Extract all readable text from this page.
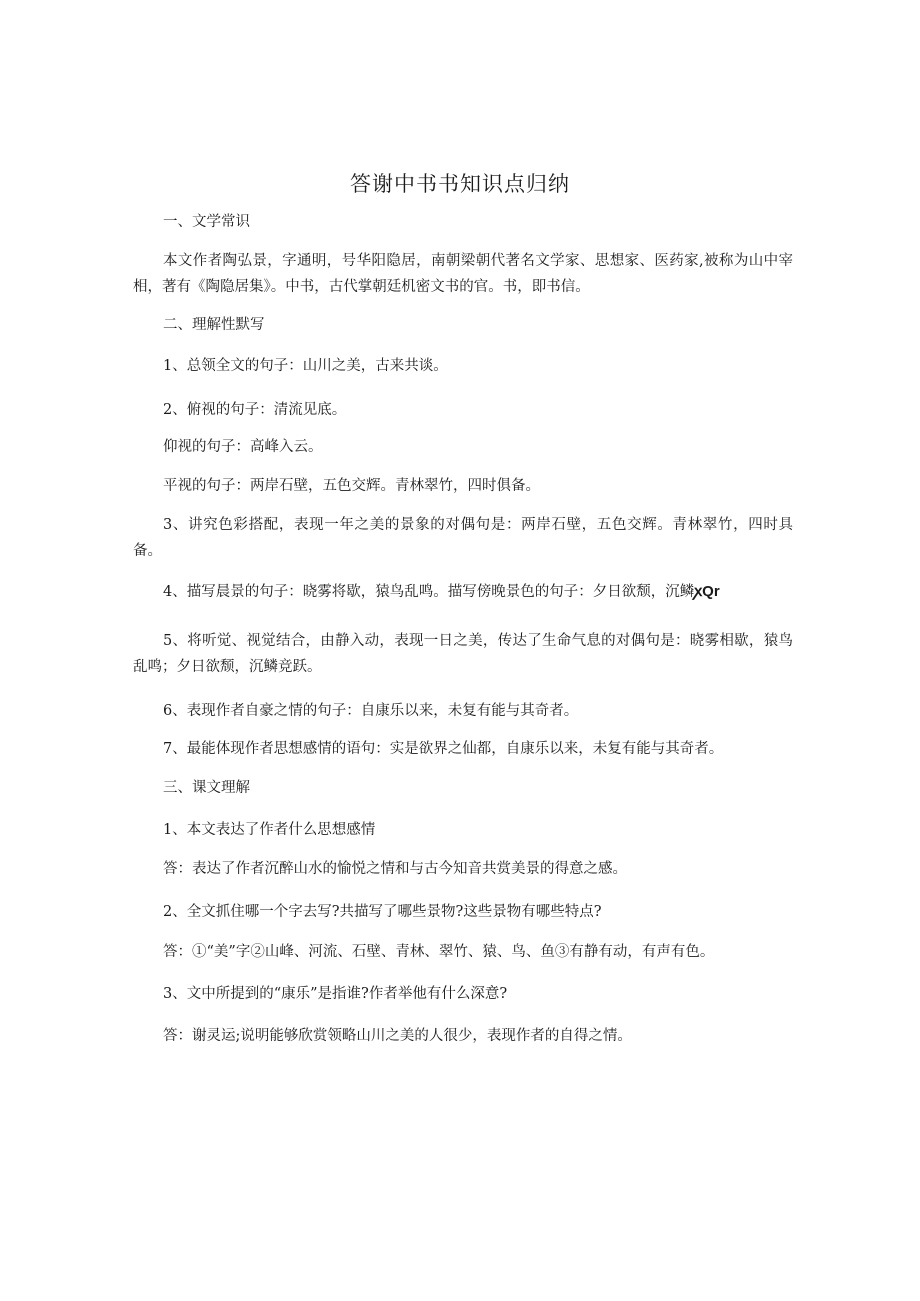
答谢中书书知识点归纳
一、文学常识
本文作者陶弘景，字通明，号华阳隐居，南朝梁朝代著名文学家、思想家、医药家,被称为山中宰相，著有《陶隐居集》。中书，古代掌朝廷机密文书的官。书，即书信。
二、理解性默写
1、总领全文的句子：山川之美，古来共谈。
2、俯视的句子：清流见底。
仰视的句子：高峰入云。
平视的句子：两岸石壁，五色交辉。青林翠竹，四时俱备。
3、讲究色彩搭配，表现一年之美的景象的对偶句是：两岸石壁，五色交辉。青林翠竹，四时具备。
4、描写晨景的句子：晓雾将歇，猿鸟乱鸣。描写傍晚景色的句子：夕日欲颓，沉鳞ꭗQr
5、将听觉、视觉结合，由静入动，表现一日之美，传达了生命气息的对偶句是：晓雾相歇，猿鸟乱鸣；夕日欲颓，沉鳞竞跃。
6、表现作者自豪之情的句子：自康乐以来，未复有能与其奇者。
7、最能体现作者思想感情的语句：实是欲界之仙都，自康乐以来，未复有能与其奇者。
三、课文理解
1、本文表达了作者什么思想感情
答：表达了作者沉醉山水的愉悦之情和与古今知音共赏美景的得意之感。
2、全文抓住哪一个字去写?共描写了哪些景物?这些景物有哪些特点?
答：①“美”字②山峰、河流、石壁、青林、翠竹、猿、鸟、鱼③有静有动，有声有色。
3、文中所提到的“康乐”是指谁?作者举他有什么深意?
答：谢灵运;说明能够欣赏领略山川之美的人很少，表现作者的自得之情。
